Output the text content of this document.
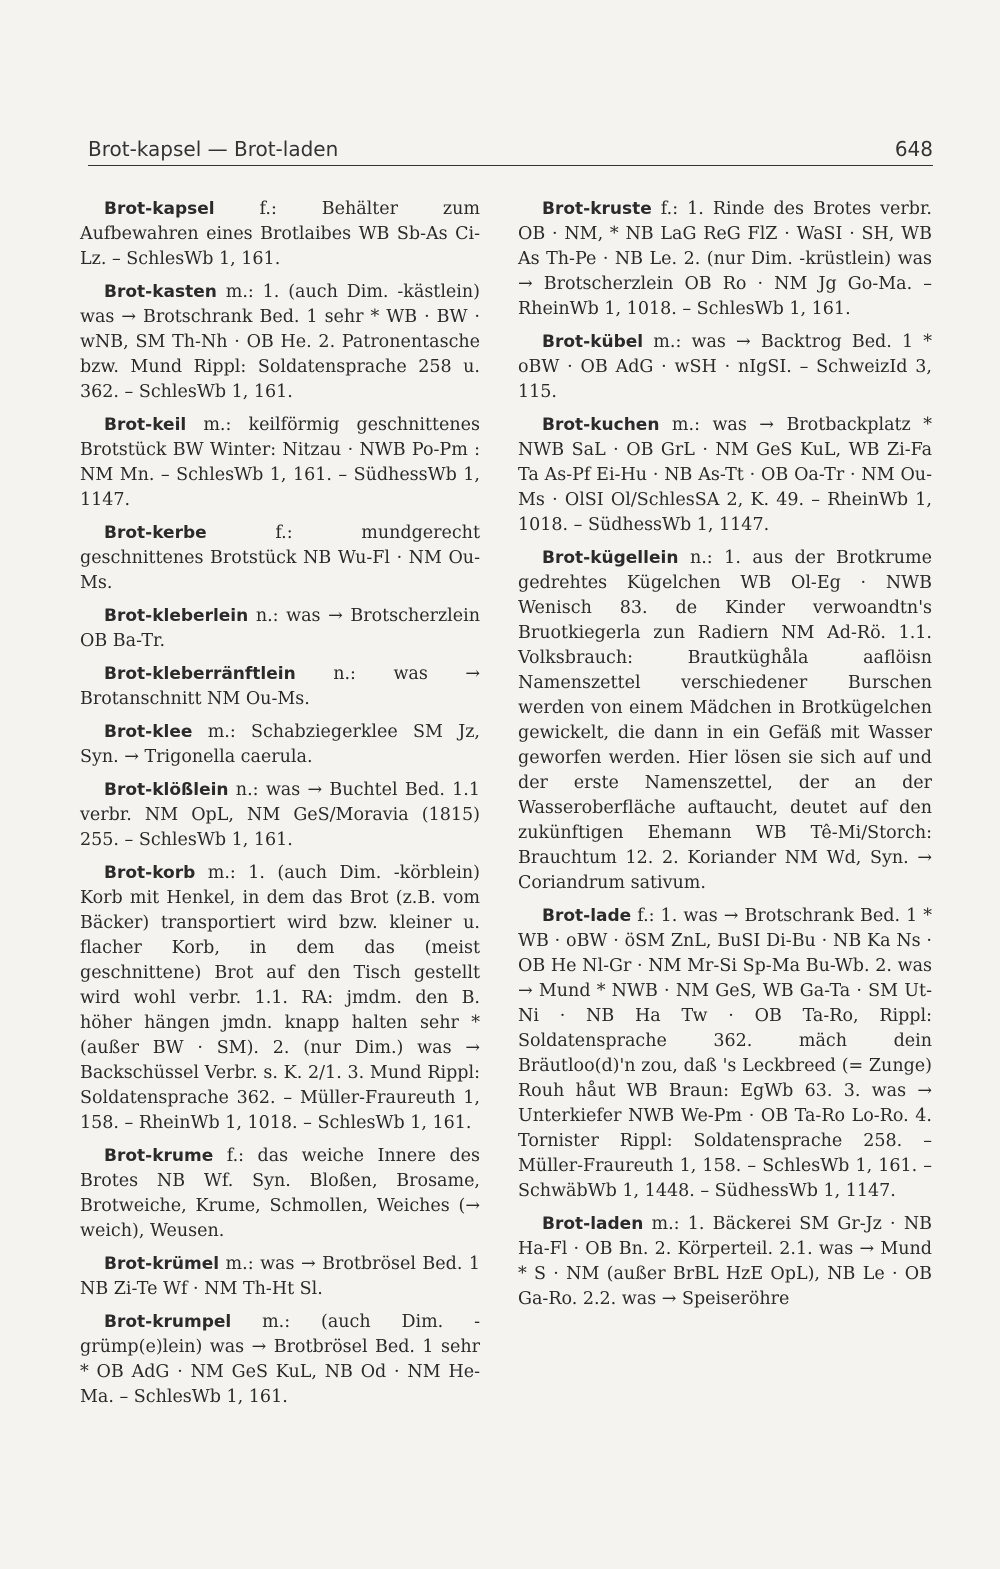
Brot-kapsel — Brot-laden	648

Brot-kapsel f.: Behälter zum Aufbewahren eines Brotlaibes WB Sb-As Ci-Lz. – SchlesWb 1, 161.

Brot-kasten m.: 1. (auch Dim. -kästlein) was → Brotschrank Bed. 1 sehr * WB · BW · wNB, SM Th-Nh · OB He. 2. Patronentasche bzw. Mund Rippl: Soldatensprache 258 u. 362. – SchlesWb 1, 161.

Brot-keil m.: keilförmig geschnittenes Brotstück BW Winter: Nitzau · NWB Po-Pm : NM Mn. – SchlesWb 1, 161. – SüdhessWb 1, 1147.

Brot-kerbe f.: mundgerecht geschnittenes Brotstück NB Wu-Fl · NM Ou-Ms.

Brot-kleberlein n.: was → Brotscherzlein OB Ba-Tr.

Brot-kleberränftlein n.: was → Brotanschnitt NM Ou-Ms.

Brot-klee m.: Schabziegerklee SM Jz, Syn. → Trigonella caerula.

Brot-klößlein n.: was → Buchtel Bed. 1.1 verbr. NM OpL, NM GeS/Moravia (1815) 255. – SchlesWb 1, 161.

Brot-korb m.: 1. (auch Dim. -körblein) Korb mit Henkel, in dem das Brot (z.B. vom Bäcker) transportiert wird bzw. kleiner u. flacher Korb, in dem das (meist geschnittene) Brot auf den Tisch gestellt wird wohl verbr. 1.1. RA: jmdm. den B. höher hängen jmdn. knapp halten sehr * (außer BW · SM). 2. (nur Dim.) was → Backschüssel Verbr. s. K. 2/1. 3. Mund Rippl: Soldatensprache 362. – Müller-Fraureuth 1, 158. – RheinWb 1, 1018. – SchlesWb 1, 161.

Brot-krume f.: das weiche Innere des Brotes NB Wf. Syn. Bloßen, Brosame, Brotweiche, Krume, Schmollen, Weiches (→ weich), Weusen.

Brot-krümel m.: was → Brotbrösel Bed. 1 NB Zi-Te Wf · NM Th-Ht Sl.

Brot-krumpel m.: (auch Dim. -grümp(e)lein) was → Brotbrösel Bed. 1 sehr * OB AdG · NM GeS KuL, NB Od · NM He-Ma. – SchlesWb 1, 161.

Brot-kruste f.: 1. Rinde des Brotes verbr. OB · NM, * NB LaG ReG FlZ · WaSI · SH, WB As Th-Pe · NB Le. 2. (nur Dim. -krüstlein) was → Brotscherzlein OB Ro · NM Jg Go-Ma. – RheinWb 1, 1018. – SchlesWb 1, 161.

Brot-kübel m.: was → Backtrog Bed. 1 * oBW · OB AdG · wSH · nIgSI. – SchweizId 3, 115.

Brot-kuchen m.: was → Brotbackplatz * NWB SaL · OB GrL · NM GeS KuL, WB Zi-Fa Ta As-Pf Ei-Hu · NB As-Tt · OB Oa-Tr · NM Ou-Ms · OlSI Ol/SchlesSA 2, K. 49. – RheinWb 1, 1018. – SüdhessWb 1, 1147.

Brot-kügellein n.: 1. aus der Brotkrume gedrehtes Kügelchen WB Ol-Eg · NWB Wenisch 83. de Kinder verwoandtn's Bruotkiegerla zun Radiern NM Ad-Rö. 1.1. Volksbrauch: Brautküghåla aaflöisn Namenszettel verschiedener Burschen werden von einem Mädchen in Brotkügelchen gewickelt, die dann in ein Gefäß mit Wasser geworfen werden. Hier lösen sie sich auf und der erste Namenszettel, der an der Wasseroberfläche auftaucht, deutet auf den zukünftigen Ehemann WB Tê-Mi/Storch: Brauchtum 12. 2. Koriander NM Wd, Syn. → Coriandrum sativum.

Brot-lade f.: 1. was → Brotschrank Bed. 1 * WB · oBW · öSM ZnL, BuSI Di-Bu · NB Ka Ns · OB He Nl-Gr · NM Mr-Si Sp-Ma Bu-Wb. 2. was → Mund * NWB · NM GeS, WB Ga-Ta · SM Ut-Ni · NB Ha Tw · OB Ta-Ro, Rippl: Soldatensprache 362. mäch dein Bräutloo(d)'n zou, daß 's Leckbreed (= Zunge) Rouh håut WB Braun: EgWb 63. 3. was → Unterkiefer NWB We-Pm · OB Ta-Ro Lo-Ro. 4. Tornister Rippl: Soldatensprache 258. – Müller-Fraureuth 1, 158. – SchlesWb 1, 161. – SchwäbWb 1, 1448. – SüdhessWb 1, 1147.

Brot-laden m.: 1. Bäckerei SM Gr-Jz · NB Ha-Fl · OB Bn. 2. Körperteil. 2.1. was → Mund * S · NM (außer BrBL HzE OpL), NB Le · OB Ga-Ro. 2.2. was → Speiseröhre
